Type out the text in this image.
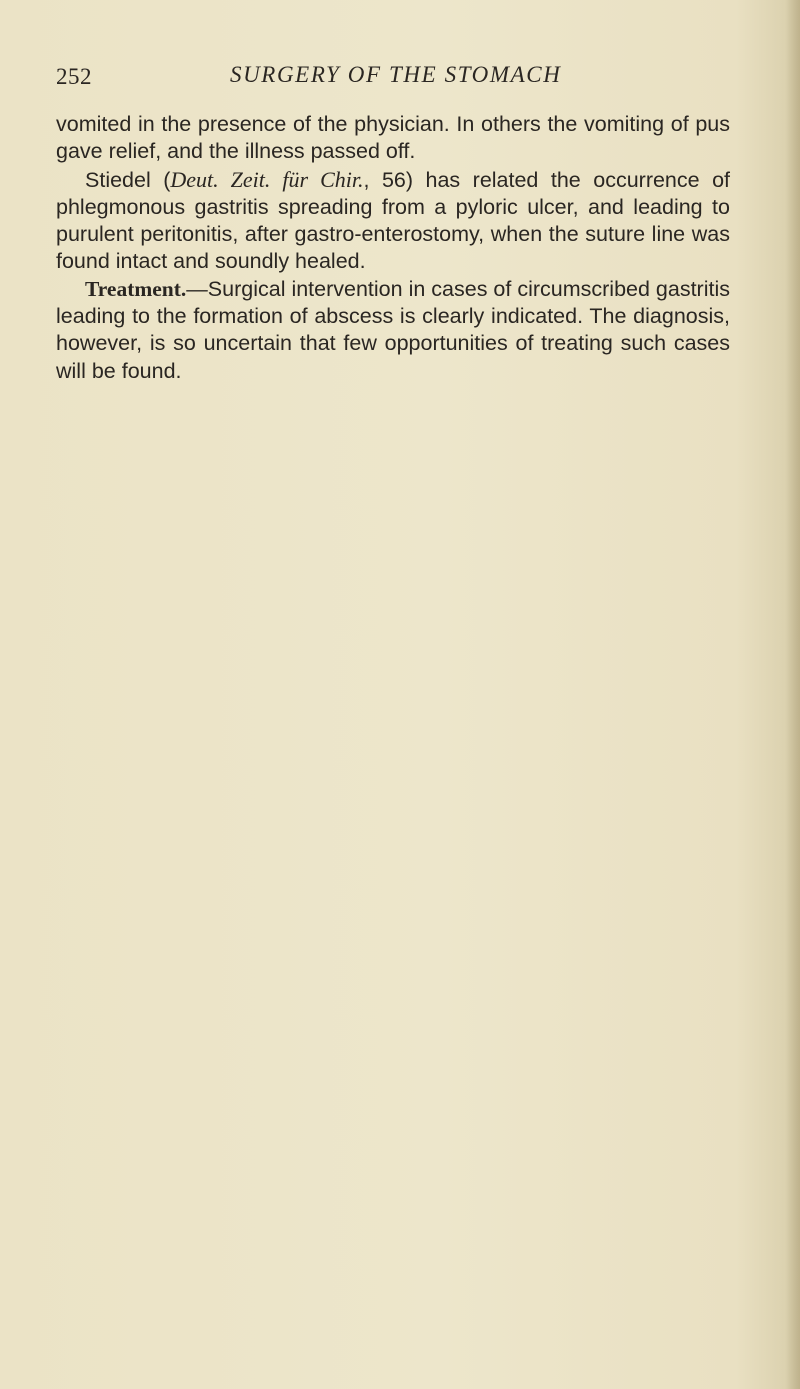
252	SURGERY OF THE STOMACH

vomited in the presence of the physician. In others the vomiting of pus gave relief, and the illness passed off.

Stiedel (Deut. Zeit. für Chir., 56) has related the occurrence of phlegmonous gastritis spreading from a pyloric ulcer, and leading to purulent peritonitis, after gastro-enterostomy, when the suture line was found intact and soundly healed.

Treatment.—Surgical intervention in cases of circumscribed gastritis leading to the formation of abscess is clearly indicated. The diagnosis, however, is so uncertain that few opportunities of treating such cases will be found.
